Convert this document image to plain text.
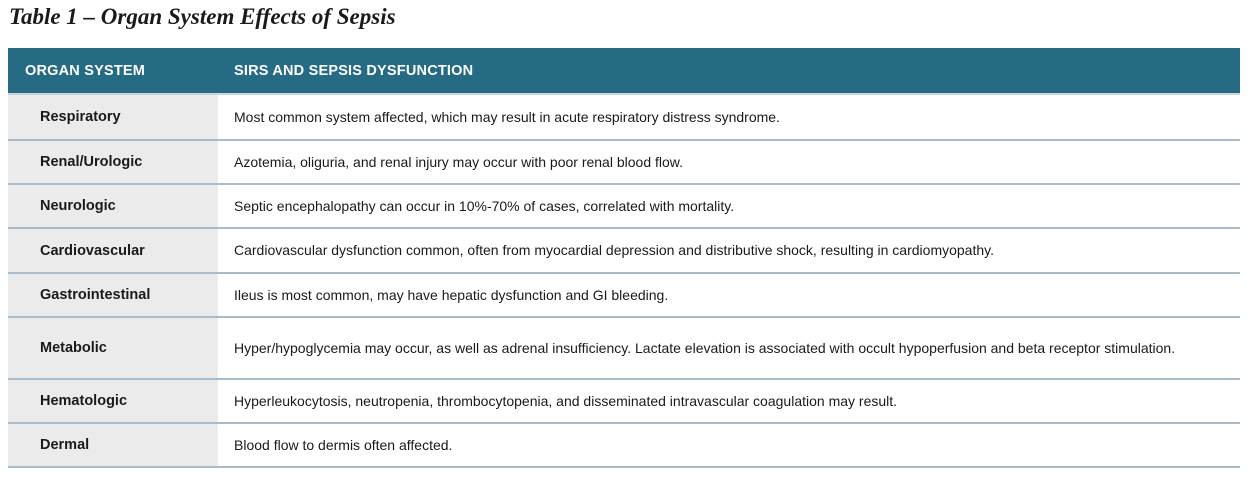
Table 1 – Organ System Effects of Sepsis
ORGAN SYSTEM	SIRS AND SEPSIS DYSFUNCTION
Respiratory	Most common system affected, which may result in acute respiratory distress syndrome.
Renal/Urologic	Azotemia, oliguria, and renal injury may occur with poor renal blood flow.
Neurologic	Septic encephalopathy can occur in 10%-70% of cases, correlated with mortality.
Cardiovascular	Cardiovascular dysfunction common, often from myocardial depression and distributive shock, resulting in cardiomyopathy.
Gastrointestinal	Ileus is most common, may have hepatic dysfunction and GI bleeding.
Metabolic	Hyper/hypoglycemia may occur, as well as adrenal insufficiency. Lactate elevation is associated with occult hypoperfusion and beta receptor stimulation.
Hematologic	Hyperleukocytosis, neutropenia, thrombocytopenia, and disseminated intravascular coagulation may result.
Dermal	Blood flow to dermis often affected.
